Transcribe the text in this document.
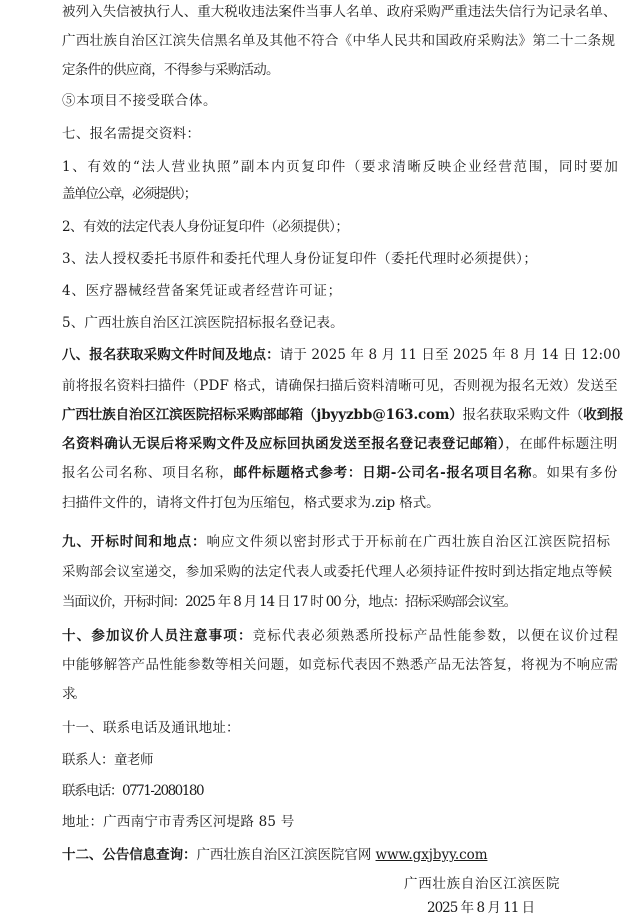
被列入失信被执行人、重大税收违法案件当事人名单、政府采购严重违法失信行为记录名单、
广西壮族自治区江滨失信黑名单及其他不符合《中华人民共和国政府采购法》第二十二条规
定条件的供应商，不得参与采购活动。
⑤本项目不接受联合体。
七、报名需提交资料：
1、有效的“法人营业执照”副本内页复印件（要求清晰反映企业经营范围，同时要加
盖单位公章，必须提供）；
2、有效的法定代表人身份证复印件（必须提供）；
3、法人授权委托书原件和委托代理人身份证复印件（委托代理时必须提供）；
4、医疗器械经营备案凭证或者经营许可证；
5、广西壮族自治区江滨医院招标报名登记表。
八、报名获取采购文件时间及地点：请于 2025 年 8 月 11 日至 2025 年 8 月 14 日 12:00
前将报名资料扫描件（PDF 格式，请确保扫描后资料清晰可见，否则视为报名无效）发送至
广西壮族自治区江滨医院招标采购部邮箱（jbyyzbb@163.com）报名获取采购文件（收到报
名资料确认无误后将采购文件及应标回执函发送至报名登记表登记邮箱），在邮件标题注明
报名公司名称、项目名称，邮件标题格式参考：日期-公司名-报名项目名称。如果有多份
扫描件文件的，请将文件打包为压缩包，格式要求为.zip 格式。
九、开标时间和地点：响应文件须以密封形式于开标前在广西壮族自治区江滨医院招标
采购部会议室递交，参加采购的法定代表人或委托代理人必须持证件按时到达指定地点等候
当面议价，开标时间：2025 年 8 月 14 日 17 时 00 分，地点：招标采购部会议室。
十、参加议价人员注意事项：竞标代表必须熟悉所投标产品性能参数，以便在议价过程
中能够解答产品性能参数等相关问题，如竞标代表因不熟悉产品无法答复，将视为不响应需
求。
十一、联系电话及通讯地址：
联系人：童老师
联系电话：0771-2080180
地址：广西南宁市青秀区河堤路 85 号
十二、公告信息查询：广西壮族自治区江滨医院官网 www.gxjbyy.com
广西壮族自治区江滨医院
2025 年 8 月 11 日
